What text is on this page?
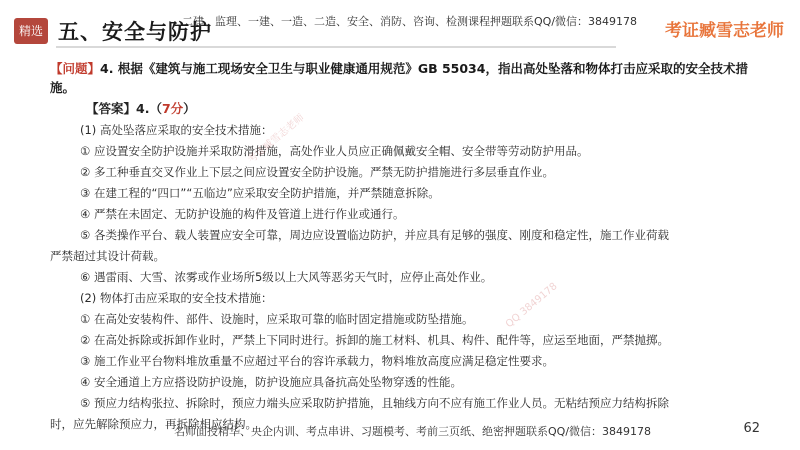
精选 五、安全与防护
二建、监理、一建、一造、二造、安全、消防、咨询、检测课程押题联系QQ/微信：3849178 考证臧雪志老师
【问题】4. 根据《建筑与施工现场安全卫生与职业健康通用规范》GB 55034，指出高处坠落和物体打击应采取的安全技术措施。
【答案】4.（7分）
(1) 高处坠落应采取的安全技术措施：
① 应设置安全防护设施并采取防滑措施，高处作业人员应正确佩戴安全帽、安全带等劳动防护用品。
② 多工种垂直交叉作业上下层之间应设置安全防护设施。严禁无防护措施进行多层垂直作业。
③ 在建工程的“四口”“五临边”应采取安全防护措施，并严禁随意拆除。
④ 严禁在未固定、无防护设施的构件及管道上进行作业或通行。
⑤ 各类操作平台、载人装置应安全可靠，周边应设置临边防护，并应具有足够的强度、刚度和稳定性，施工作业荷载
严禁超过其设计荷载。
⑥ 遇雷雨、大雪、浓雾或作业场所5级以上大风等恶劣天气时，应停止高处作业。
(2) 物体打击应采取的安全技术措施：
① 在高处安装构件、部件、设施时，应采取可靠的临时固定措施或防坠措施。
② 在高处拆除或拆卸作业时，严禁上下同时进行。拆卸的施工材料、机具、构件、配件等，应运至地面，严禁抛掷。
③ 施工作业平台物料堆放重量不应超过平台的容许承载力，物料堆放高度应满足稳定性要求。
④ 安全通道上方应搭设防护设施，防护设施应具备抗高处坠物穿透的性能。
⑤ 预应力结构张拉、拆除时，预应力端头应采取防护措施，且轴线方向不应有施工作业人员。无粘结预应力结构拆除
时，应先解除预应力，再拆除相应结构。
考证臧雪志老师
QQ 3849178
名师面授精华、央企内训、考点串讲、习题模考、考前三页纸、绝密押题联系QQ/微信：3849178	62
